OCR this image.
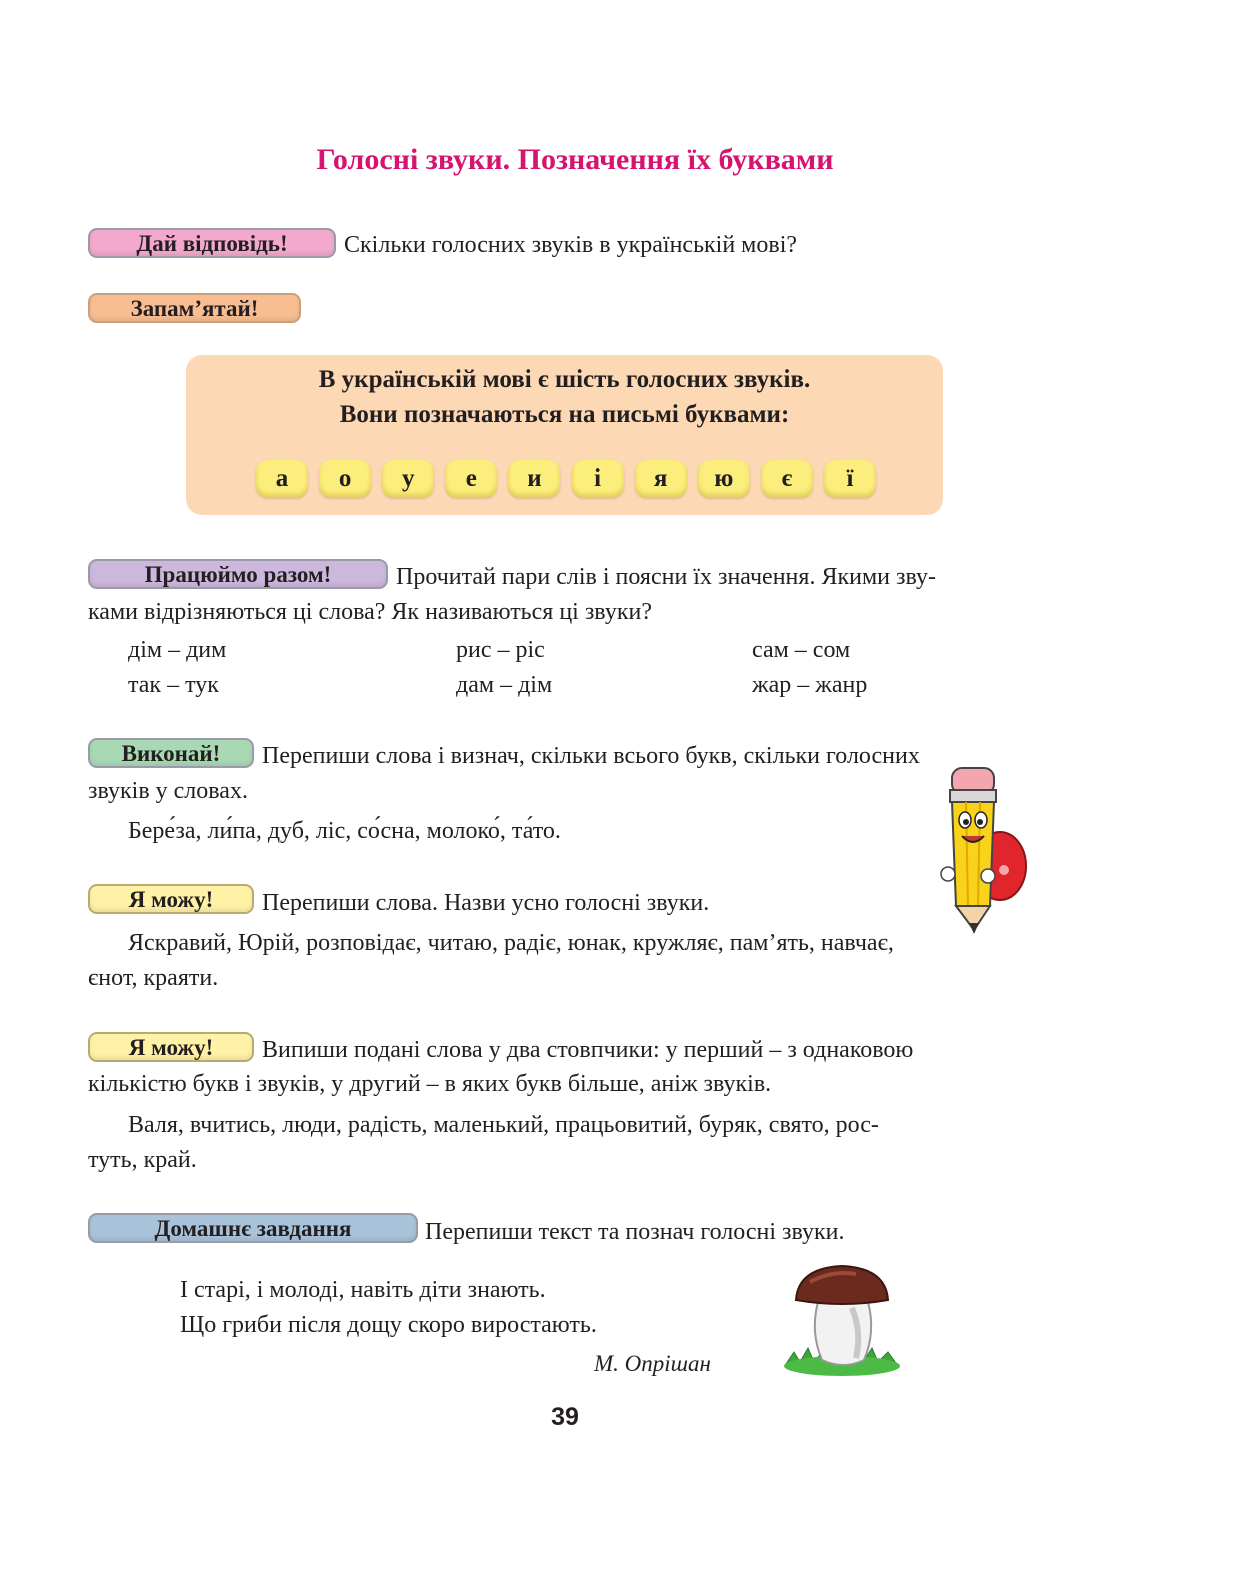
Голосні звуки. Позначення їх буквами
Дай відповідь!	Скільки голосних звуків в українській мові?
Запам’ятай!
В українській мові є шість голосних звуків.
Вони позначаються на письмі буквами:
а	о	у	е	и	і	я	ю	є	ї
Працюймо разом!	Прочитай пари слів і поясни їх значення. Якими зву-
ками відрізняються ці слова? Як називаються ці звуки?
дім – дим	рис – ріс	сам – сом
так – тук	дам – дім	жар – жанр
Виконай!	Перепиши слова і визнач, скільки всього букв, скільки голосних
звуків у словах.
Бере́за, ли́па, дуб, ліс, со́сна, молоко́, та́то.
Я можу!	Перепиши слова. Назви усно голосні звуки.
Яскравий, Юрій, розповідає, читаю, радіє, юнак, кружляє, пам’ять, навчає,
єнот, краяти.
Я можу!	Випиши подані слова у два стовпчики: у перший – з однаковою
кількістю букв і звуків, у другий – в яких букв більше, аніж звуків.
Валя, вчитись, люди, радість, маленький, працьовитий, буряк, свято, рос-
туть, край.
Домашнє завдання	Перепиши текст та познач голосні звуки.
І старі, і молоді, навіть діти знають.
Що гриби після дощу скоро виростають.
М. Опрішан
39
